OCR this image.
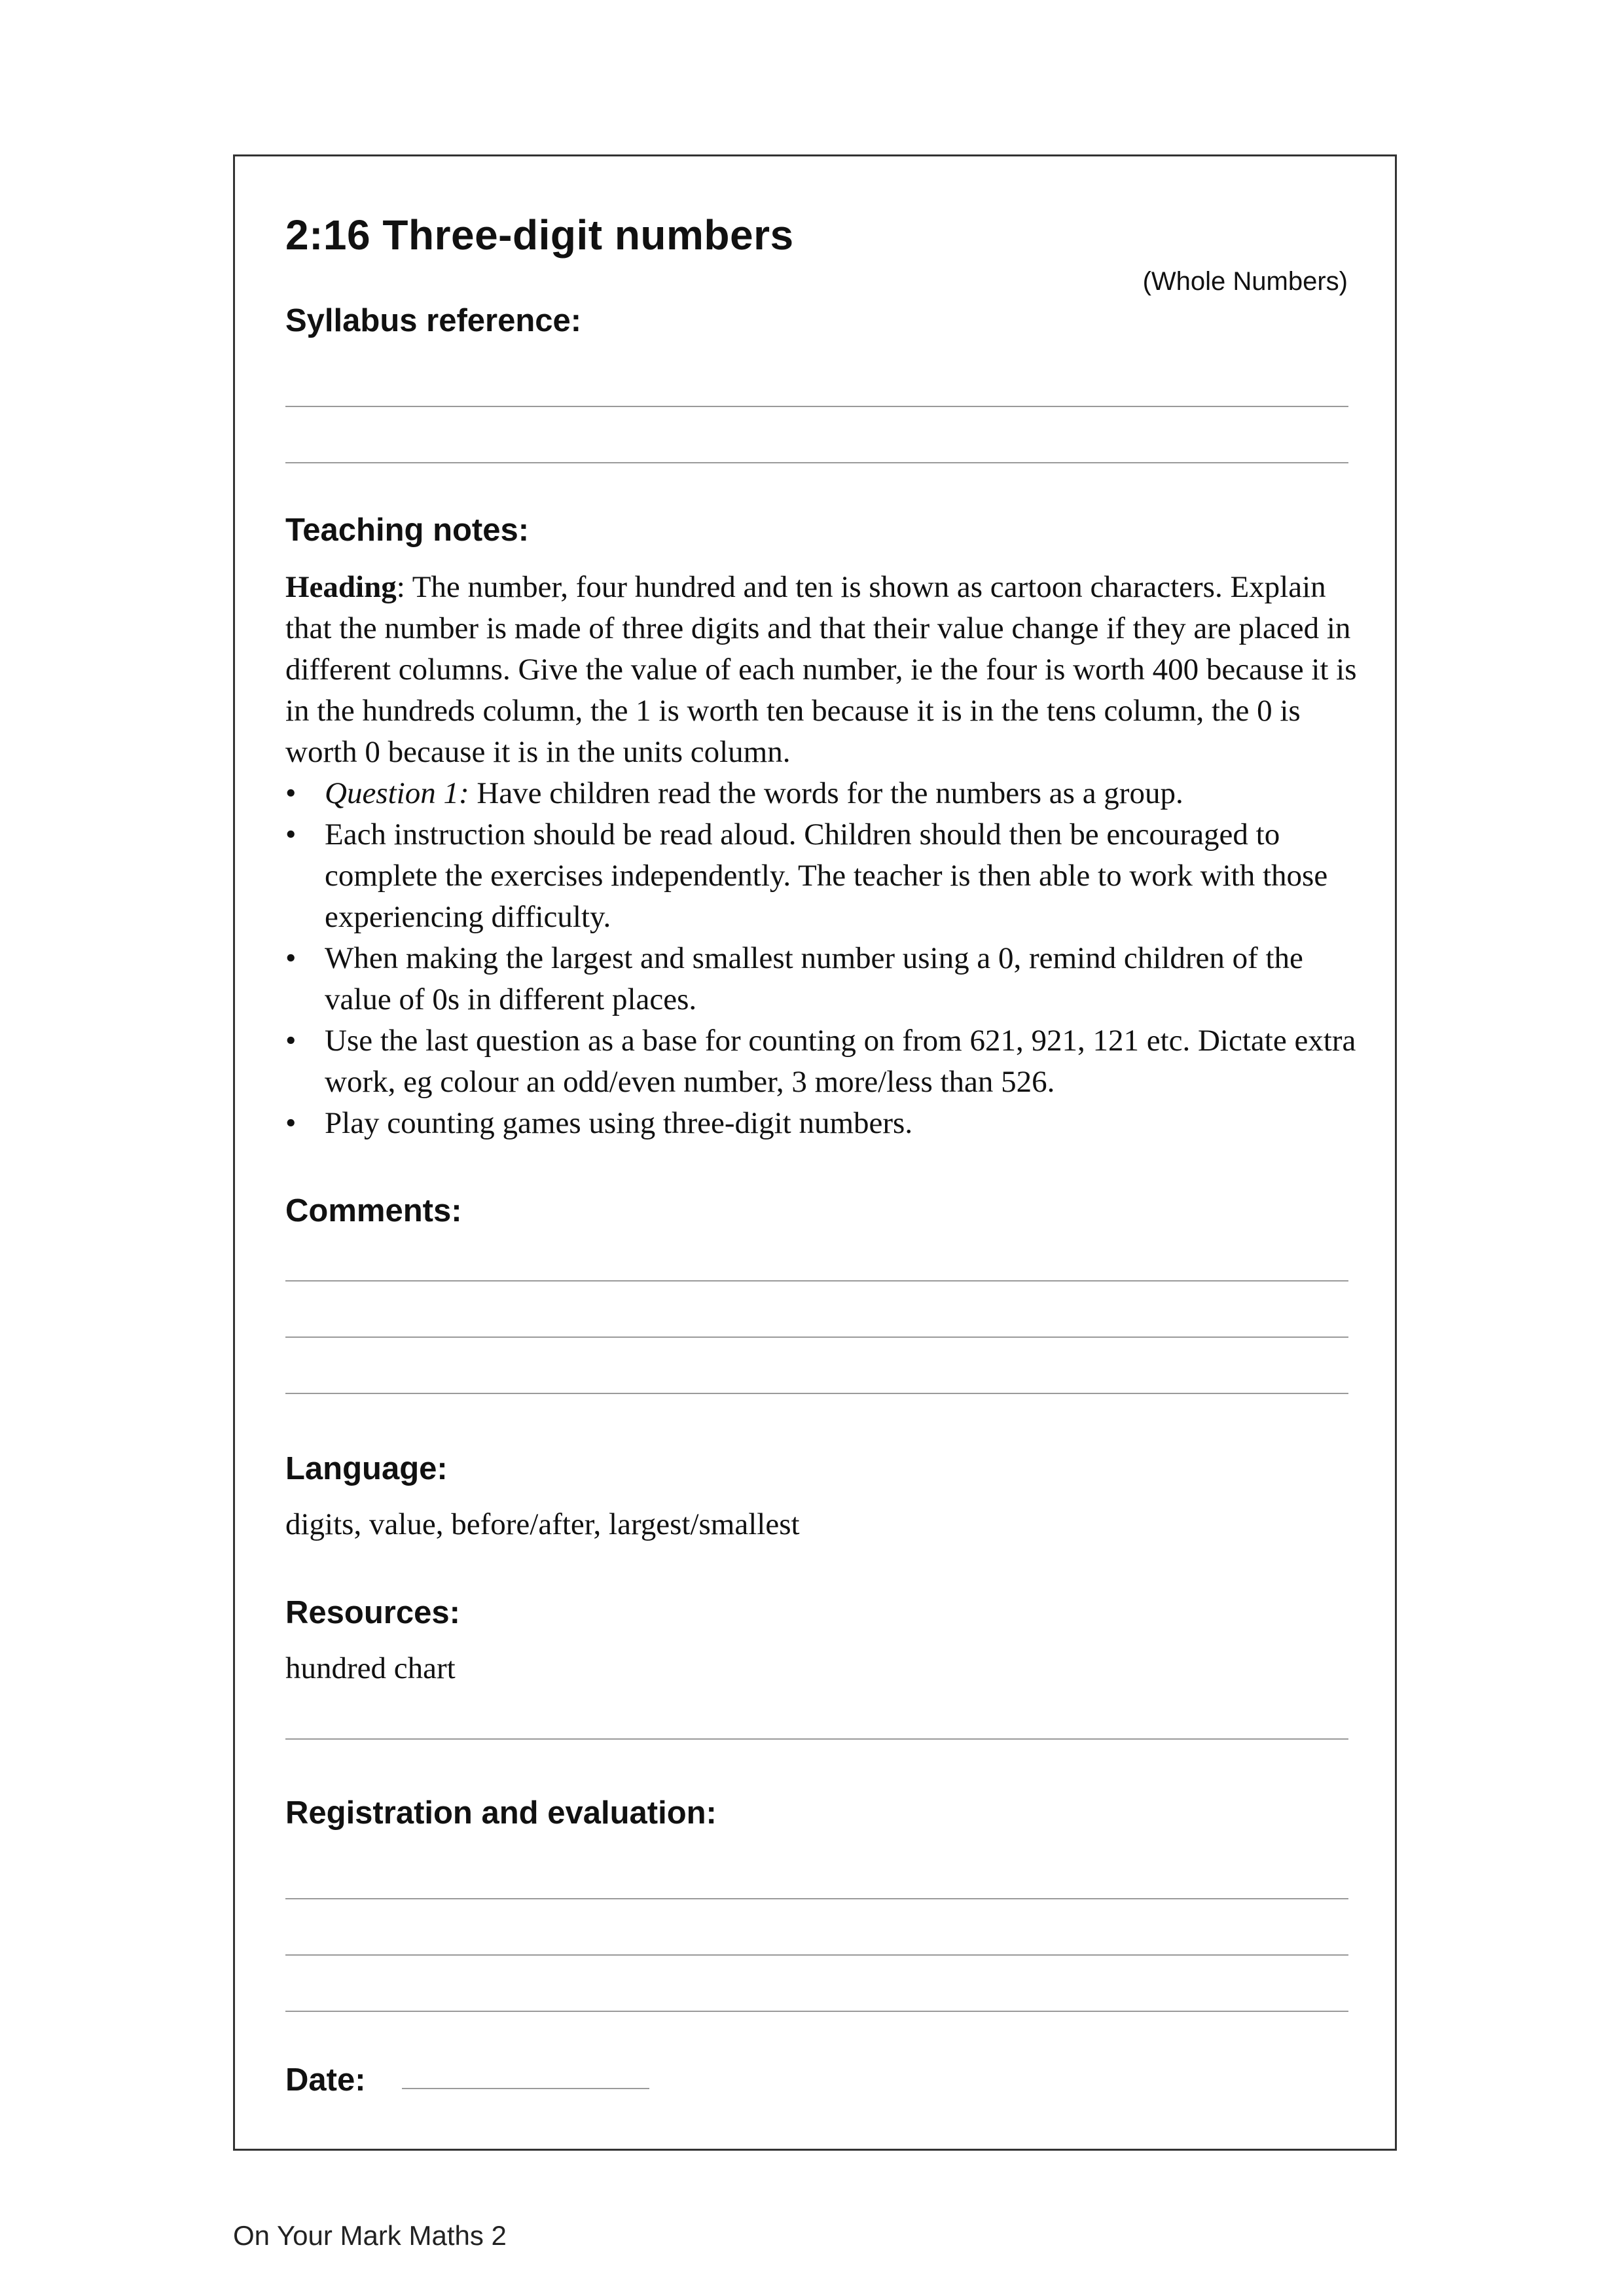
2:16 Three-digit numbers
(Whole Numbers)
Syllabus reference:
Teaching notes:

Heading: The number, four hundred and ten is shown as cartoon characters. Explain that the number is made of three digits and that their value change if they are placed in different columns. Give the value of each number, ie the four is worth 400 because it is in the hundreds column, the 1 is worth ten because it is in the tens column, the 0 is worth 0 because it is in the units column.

• Question 1: Have children read the words for the numbers as a group.
• Each instruction should be read aloud. Children should then be encouraged to complete the exercises independently. The teacher is then able to work with those experiencing difficulty.
• When making the largest and smallest number using a 0, remind children of the value of 0s in different places.
• Use the last question as a base for counting on from 621, 921, 121 etc. Dictate extra work, eg colour an odd/even number, 3 more/less than 526.
• Play counting games using three-digit numbers.
Comments:
Language:
digits, value, before/after, largest/smallest
Resources:
hundred chart
Registration and evaluation:
Date:
On Your Mark Maths 2
